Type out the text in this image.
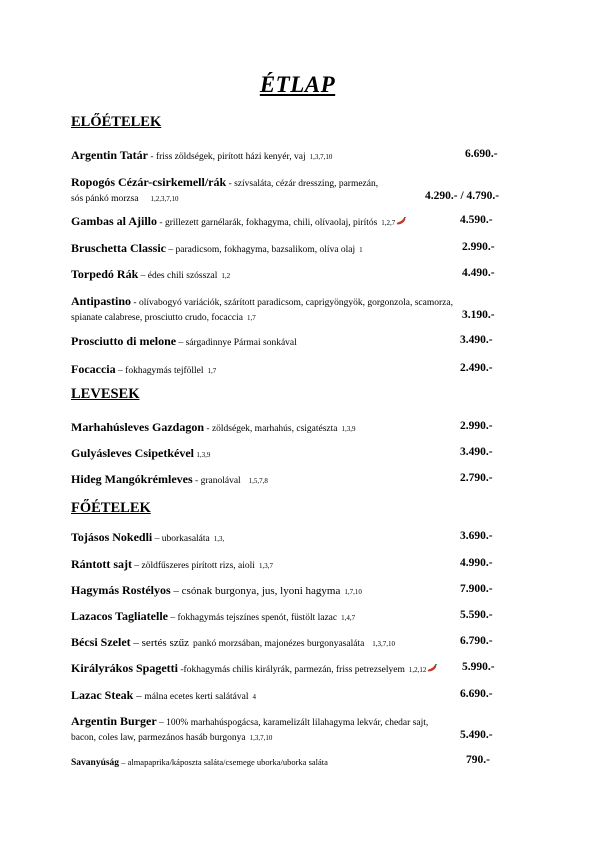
ÉTLAP
ELŐÉTELEK
Argentin Tatár - friss zöldségek, pirított házi kenyér, vaj 1,3,7,10	6.690.-
Ropogós Cézár-csirkemell/rák - szívsaláta, cézár dresszing, parmezán,
sós pánkó morzsa 1,2,3,7,10	4.290.- / 4.790.-
Gambas al Ajillo - grillezett garnélarák, fokhagyma, chili, olívaolaj, pirítós 1,2,7	4.590.-
Bruschetta Classic – paradicsom, fokhagyma, bazsalikom, olíva olaj 1	2.990.-
Torpedó Rák – édes chili szósszal 1,2	4.490.-
Antipastino - olívabogyó variációk, szárított paradicsom, caprigyöngyök, gorgonzola, scamorza,
spianate calabrese, prosciutto crudo, focaccia 1,7	3.190.-
Prosciutto di melone – sárgadinnye Pármai sonkával	3.490.-
Focaccia – fokhagymás tejföllel 1,7	2.490.-
LEVESEK
Marhahúsleves Gazdagon - zöldségek, marhahús, csigatészta 1,3,9	2.990.-
Gulyásleves Csipetkével 1,3,9	3.490.-
Hideg Mangókrémleves - granolával 1,5,7,8	2.790.-
FŐÉTELEK
Tojásos Nokedli – uborkasaláta 1,3,	3.690.-
Rántott sajt – zöldfűszeres pirított rizs, aioli 1,3,7	4.990.-
Hagymás Rostélyos – csónak burgonya, jus, lyoni hagyma 1,7,10	7.900.-
Lazacos Tagliatelle – fokhagymás tejszínes spenót, füstölt lazac 1,4,7	5.590.-
Bécsi Szelet – sertés szűz pankó morzsában, majonézes burgonyasaláta 1,3,7,10	6.790.-
Királyrákos Spagetti -fokhagymás chilis királyrák, parmezán, friss petrezselyem 1,2,12	5.990.-
Lazac Steak – málna ecetes kerti salátával 4	6.690.-
Argentin Burger – 100% marhahúspogácsa, karamelizált lilahagyma lekvár, chedar sajt,
bacon, coles law, parmezános hasáb burgonya 1,3,7,10	5.490.-
Savanyúság – almapaprika/káposzta saláta/csemege uborka/uborka saláta	790.-
